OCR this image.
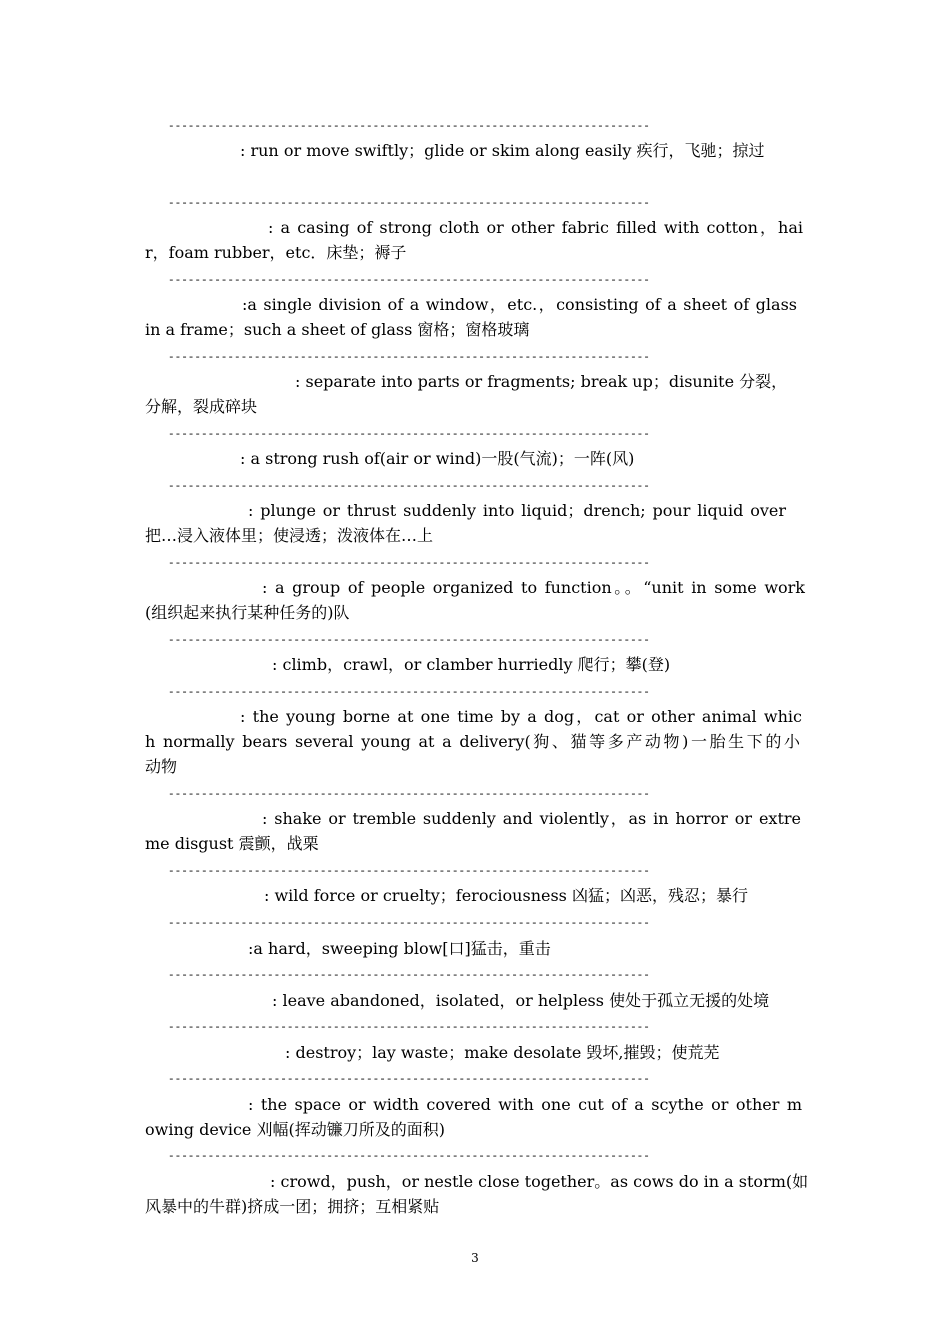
-------------------------------------------------------------------------
: run or move swiftly；glide or skim along easily 疾行，飞驰；掠过
-------------------------------------------------------------------------
: a casing of strong cloth or other fabric filled with cotton，hai
r，foam rubber，etc．床垫；褥子
-------------------------------------------------------------------------
:a single division of a window，etc.，consisting of a sheet of glass
in a frame；such a sheet of glass 窗格；窗格玻璃
-------------------------------------------------------------------------
: separate into parts or fragments; break up；disunite 分裂，
分解，裂成碎块
-------------------------------------------------------------------------
: a strong rush of(air or wind)一股(气流)；一阵(风)
-------------------------------------------------------------------------
: plunge or thrust suddenly into liquid；drench; pour liquid over
把…浸入液体里；使浸透；泼液体在…上
-------------------------------------------------------------------------
: a group of people organized to function。。“unit in some work
(组织起来执行某种任务的)队
-------------------------------------------------------------------------
: climb，crawl，or clamber hurriedly 爬行；攀(登)
-------------------------------------------------------------------------
: the young borne at one time by a dog，cat or other animal whic
h normally bears several young at a delivery(狗、猫等多产动物)一胎生下的小
动物
-------------------------------------------------------------------------
: shake or tremble suddenly and violently，as in horror or extre
me disgust 震颤，战栗
-------------------------------------------------------------------------
: wild force or cruelty；ferociousness 凶猛；凶恶，残忍；暴行
-------------------------------------------------------------------------
:a hard，sweeping blow[口]猛击，重击
-------------------------------------------------------------------------
: leave abandoned，isolated，or helpless 使处于孤立无援的处境
-------------------------------------------------------------------------
: destroy；lay waste；make desolate 毁坏,摧毁；使荒芜
-------------------------------------------------------------------------
: the space or width covered with one cut of a scythe or other m
owing device 刈幅(挥动镰刀所及的面积)
-------------------------------------------------------------------------
: crowd，push，or nestle close together。as cows do in a storm(如
风暴中的牛群)挤成一团；拥挤；互相紧贴
3
